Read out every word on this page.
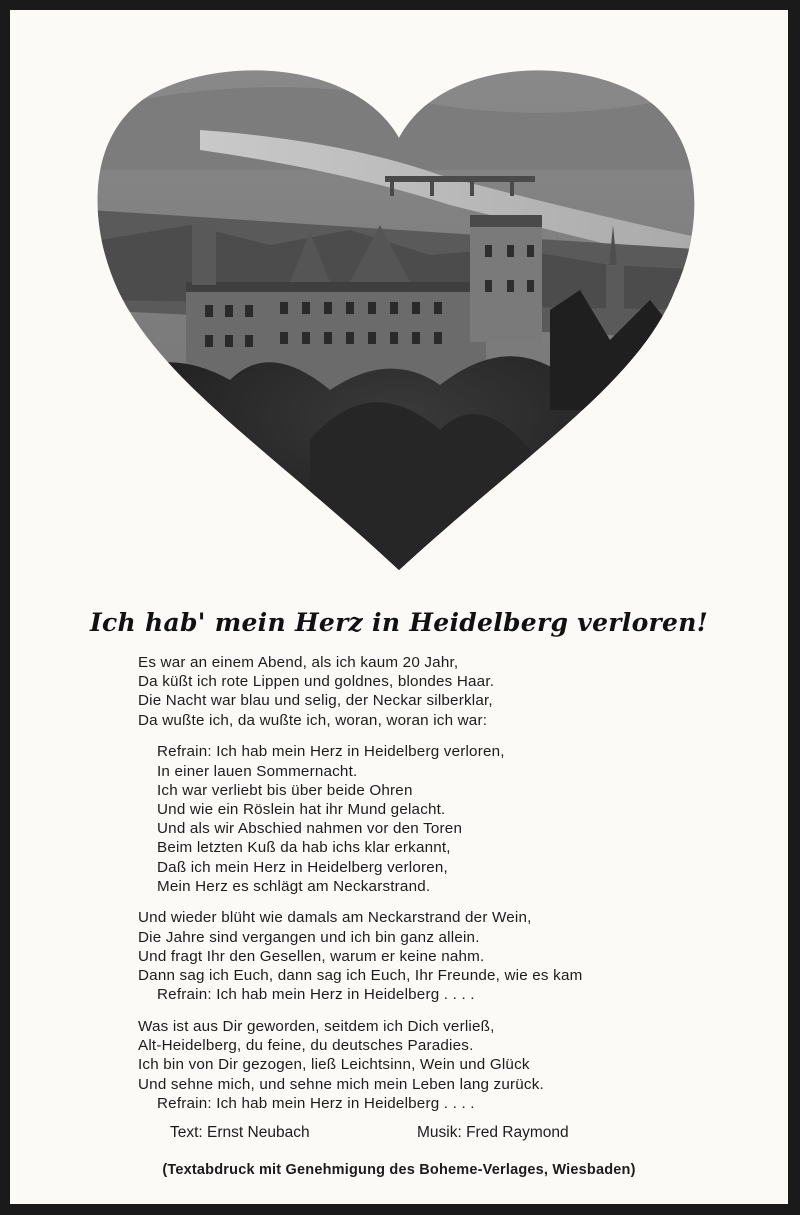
Ich hab' mein Herz in Heidelberg verloren!
Es war an einem Abend, als ich kaum 20 Jahr,
Da küßt ich rote Lippen und goldnes, blondes Haar.
Die Nacht war blau und selig, der Neckar silberklar,
Da wußte ich, da wußte ich, woran, woran ich war:
Refrain: Ich hab mein Herz in Heidelberg verloren,
In einer lauen Sommernacht.
Ich war verliebt bis über beide Ohren
Und wie ein Röslein hat ihr Mund gelacht.
Und als wir Abschied nahmen vor den Toren
Beim letzten Kuß da hab ichs klar erkannt,
Daß ich mein Herz in Heidelberg verloren,
Mein Herz es schlägt am Neckarstrand.
Und wieder blüht wie damals am Neckarstrand der Wein,
Die Jahre sind vergangen und ich bin ganz allein.
Und fragt Ihr den Gesellen, warum er keine nahm.
Dann sag ich Euch, dann sag ich Euch, Ihr Freunde, wie es kam
Refrain: Ich hab mein Herz in Heidelberg . . . .
Was ist aus Dir geworden, seitdem ich Dich verließ,
Alt-Heidelberg, du feine, du deutsches Paradies.
Ich bin von Dir gezogen, ließ Leichtsinn, Wein und Glück
Und sehne mich, und sehne mich mein Leben lang zurück.
Refrain: Ich hab mein Herz in Heidelberg . . . .
Text: Ernst Neubach	Musik: Fred Raymond
(Textabdruck mit Genehmigung des Boheme-Verlages, Wiesbaden)
